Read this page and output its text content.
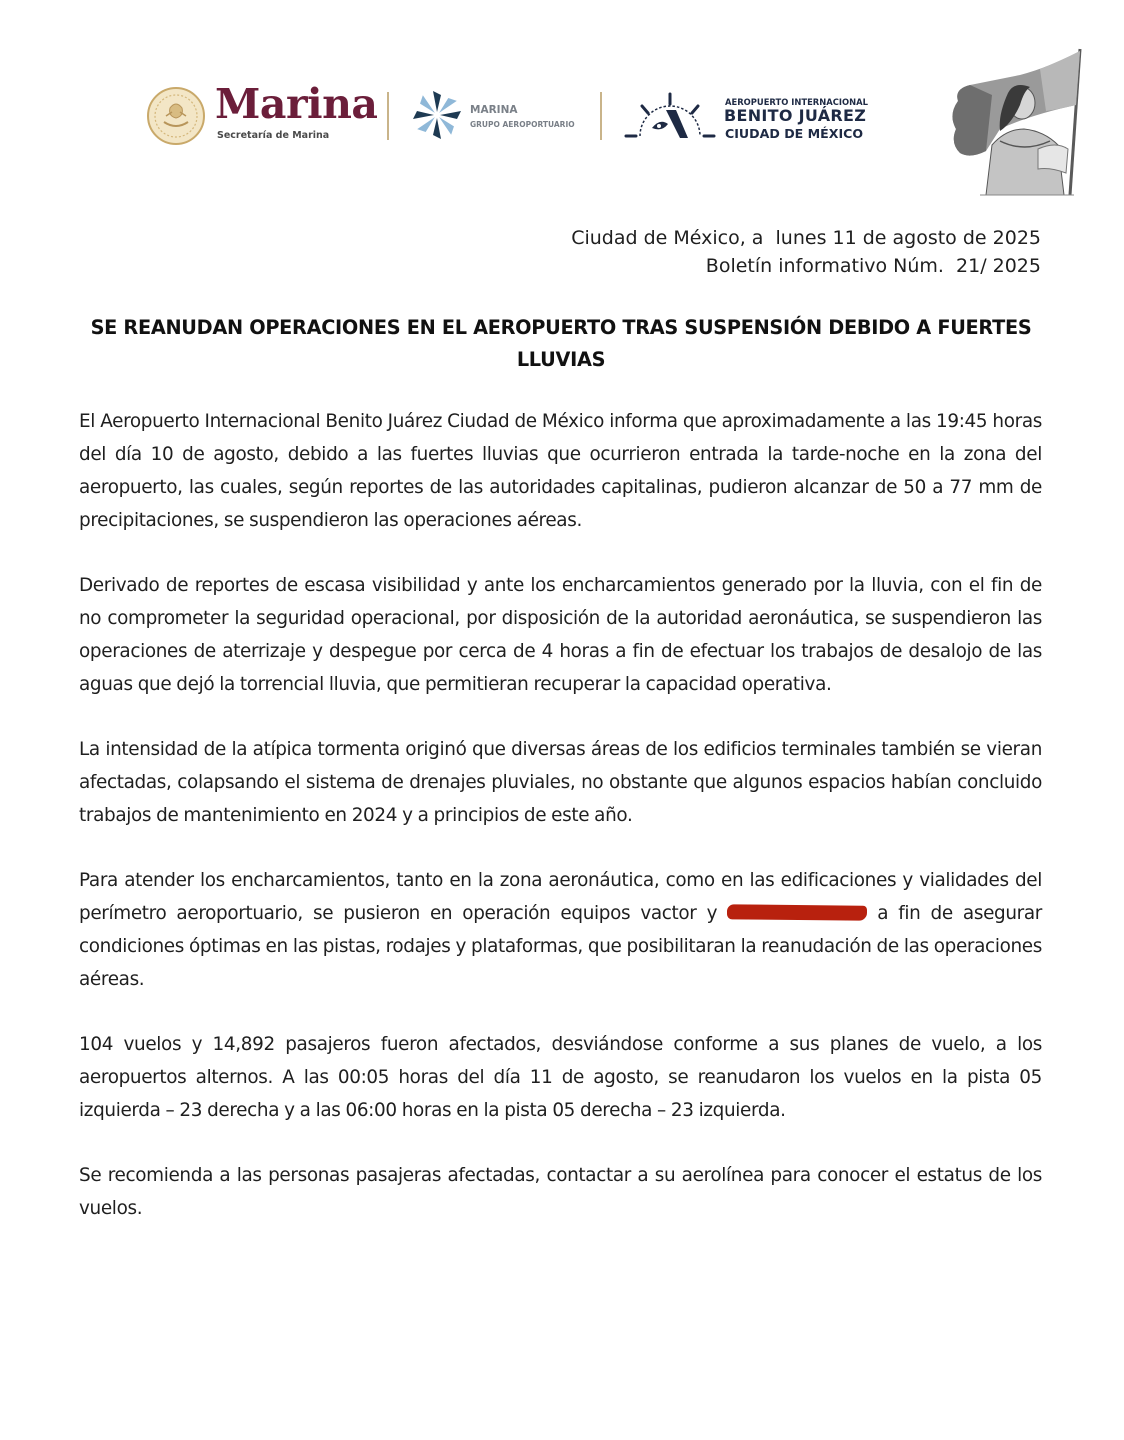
Marina
Secretaría de Marina
MARINA
GRUPO AEROPORTUARIO
AEROPUERTO INTERNACIONAL
BENITO JUÁREZ
CIUDAD DE MÉXICO
Ciudad de México, a  lunes 11 de agosto de 2025
Boletín informativo Núm.  21/ 2025
SE REANUDAN OPERACIONES EN EL AEROPUERTO TRAS SUSPENSIÓN DEBIDO A FUERTES LLUVIAS

El Aeropuerto Internacional Benito Juárez Ciudad de México informa que aproximadamente a las 19:45 horas del día 10 de agosto, debido a las fuertes lluvias que ocurrieron entrada la tarde-noche en la zona del aeropuerto, las cuales, según reportes de las autoridades capitalinas, pudieron alcanzar de 50 a 77 mm de precipitaciones, se suspendieron las operaciones aéreas.

Derivado de reportes de escasa visibilidad y ante los encharcamientos generado por la lluvia, con el fin de no comprometer la seguridad operacional, por disposición de la autoridad aeronáutica, se suspendieron las operaciones de aterrizaje y despegue por cerca de 4 horas a fin de efectuar los trabajos de desalojo de las aguas que dejó la torrencial lluvia, que permitieran recuperar la capacidad operativa.

La intensidad de la atípica tormenta originó que diversas áreas de los edificios terminales también se vieran afectadas, colapsando el sistema de drenajes pluviales, no obstante que algunos espacios habían concluido trabajos de mantenimiento en 2024 y a principios de este año.

Para atender los encharcamientos, tanto en la zona aeronáutica, como en las edificaciones y vialidades del perímetro aeroportuario, se pusieron en operación equipos vactor y	a fin de asegurar condiciones óptimas en las pistas, rodajes y plataformas, que posibilitaran la reanudación de las operaciones aéreas.

104 vuelos y 14,892 pasajeros fueron afectados, desviándose conforme a sus planes de vuelo, a los aeropuertos alternos. A las 00:05 horas del día 11 de agosto, se reanudaron los vuelos en la pista 05 izquierda – 23 derecha y a las 06:00 horas en la pista 05 derecha – 23 izquierda.

Se recomienda a las personas pasajeras afectadas, contactar a su aerolínea para conocer el estatus de los vuelos.
